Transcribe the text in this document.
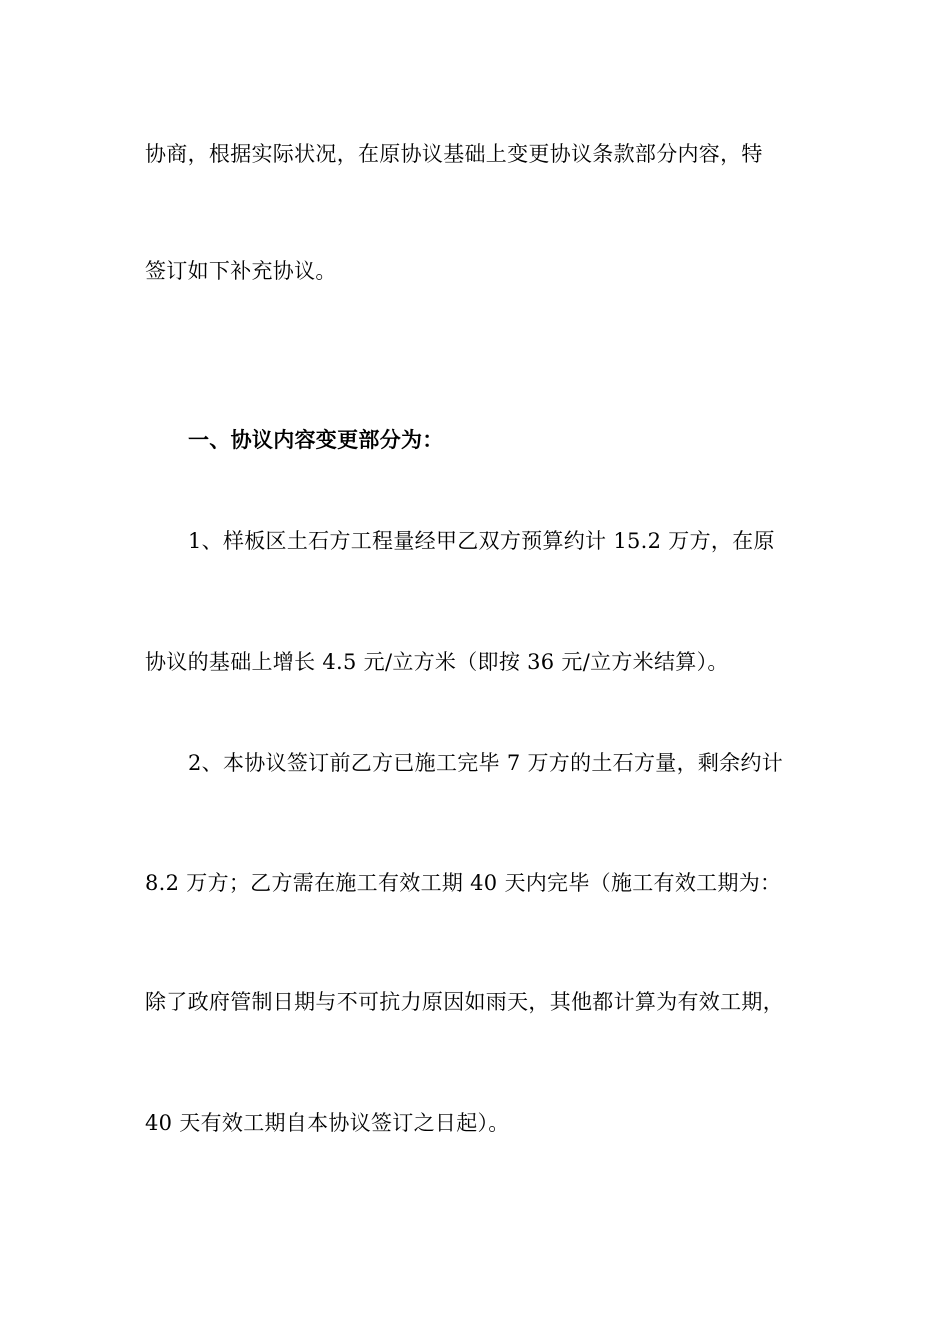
协商，根据实际状况，在原协议基础上变更协议条款部分内容，特
签订如下补充协议。
一、协议内容变更部分为：
1、样板区土石方工程量经甲乙双方预算约计 15.2 万方，在原
协议的基础上增长 4.5 元/立方米（即按 36 元/立方米结算）。
2、本协议签订前乙方已施工完毕 7 万方的土石方量，剩余约计
8.2 万方；乙方需在施工有效工期 40 天内完毕（施工有效工期为：
除了政府管制日期与不可抗力原因如雨天，其他都计算为有效工期，
40 天有效工期自本协议签订之日起）。
